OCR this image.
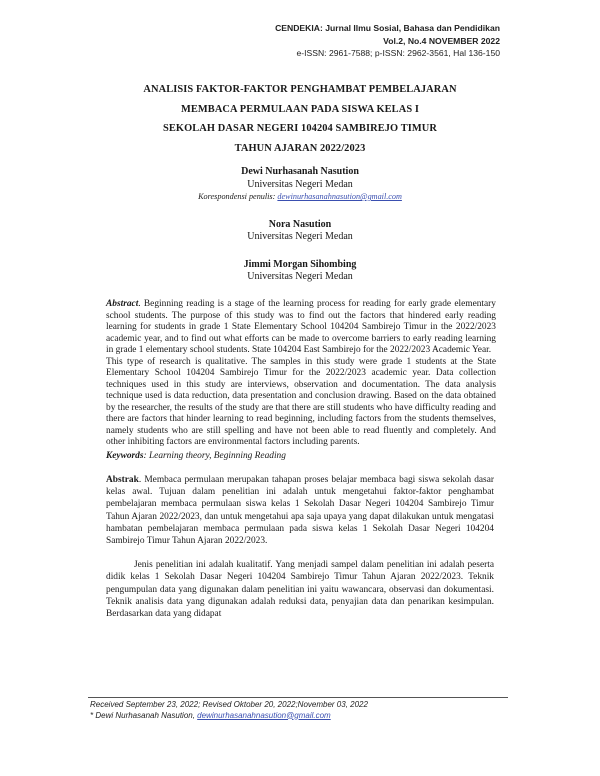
CENDEKIA: Jurnal Ilmu Sosial, Bahasa dan Pendidikan
Vol.2, No.4 NOVEMBER 2022
e-ISSN: 2961-7588; p-ISSN: 2962-3561, Hal 136-150
ANALISIS FAKTOR-FAKTOR PENGHAMBAT PEMBELAJARAN
MEMBACA PERMULAAN PADA SISWA KELAS I
SEKOLAH DASAR NEGERI 104204 SAMBIREJO TIMUR
TAHUN AJARAN 2022/2023
Dewi Nurhasanah Nasution
Universitas Negeri Medan
Korespondensi penulis: dewinurhasanahnasution@gmail.com
Nora Nasution
Universitas Negeri Medan
Jimmi Morgan Sihombing
Universitas Negeri Medan

Abstract. Beginning reading is a stage of the learning process for reading for early grade elementary school students. The purpose of this study was to find out the factors that hindered early reading learning for students in grade 1 State Elementary School 104204 Sambirejo Timur in the 2022/2023 academic year, and to find out what efforts can be made to overcome barriers to early reading learning in grade 1 elementary school students. State 104204 East Sambirejo for the 2022/2023 Academic Year.

This type of research is qualitative. The samples in this study were grade 1 students at the State Elementary School 104204 Sambirejo Timur for the 2022/2023 academic year. Data collection techniques used in this study are interviews, observation and documentation. The data analysis technique used is data reduction, data presentation and conclusion drawing. Based on the data obtained by the researcher, the results of the study are that there are still students who have difficulty reading and there are factors that hinder learning to read beginning, including factors from the students themselves, namely students who are still spelling and have not been able to read fluently and completely. And other inhibiting factors are environmental factors including parents.

Keywords: Learning theory, Beginning Reading

Abstrak. Membaca permulaan merupakan tahapan proses belajar membaca bagi siswa sekolah dasar kelas awal. Tujuan dalam penelitian ini adalah untuk mengetahui faktor-faktor penghambat pembelajaran membaca permulaan siswa kelas 1 Sekolah Dasar Negeri 104204 Sambirejo Timur Tahun Ajaran 2022/2023, dan untuk mengetahui apa saja upaya yang dapat dilakukan untuk mengatasi hambatan pembelajaran membaca permulaan pada siswa kelas 1 Sekolah Dasar Negeri 104204 Sambirejo Timur Tahun Ajaran 2022/2023.

Jenis penelitian ini adalah kualitatif. Yang menjadi sampel dalam penelitian ini adalah peserta didik kelas 1 Sekolah Dasar Negeri 104204 Sambirejo Timur Tahun Ajaran 2022/2023. Teknik pengumpulan data yang digunakan dalam penelitian ini yaitu wawancara, observasi dan dokumentasi. Teknik analisis data yang digunakan adalah reduksi data, penyajian data dan penarikan kesimpulan. Berdasarkan data yang didapat

Received September 23, 2022; Revised Oktober 20, 2022;November 03, 2022
* Dewi Nurhasanah Nasution, dewinurhasanahnasution@gmail.com
